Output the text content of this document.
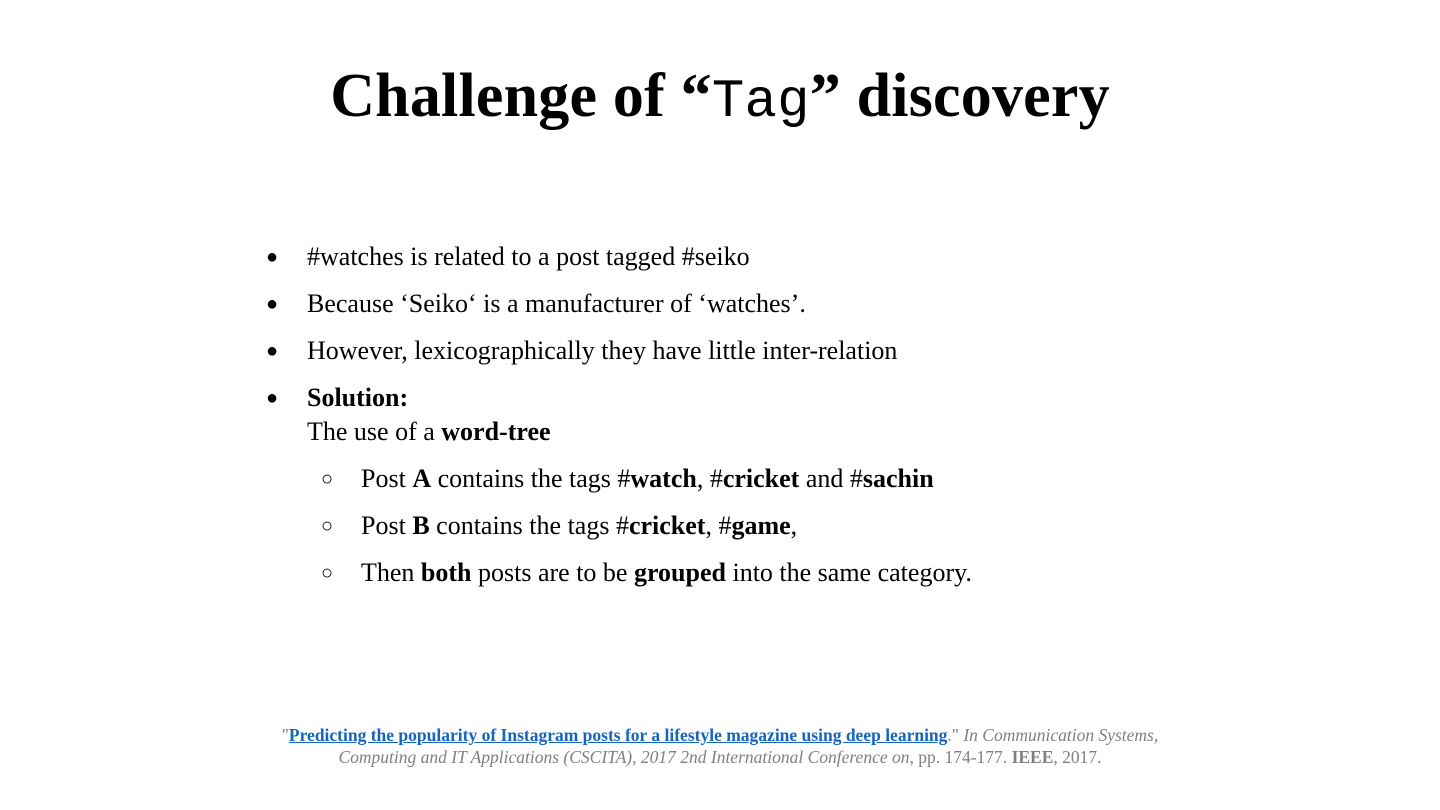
Challenge of “Tag” discovery
● #watches is related to a post tagged #seiko
● Because ‘Seiko‘ is a manufacturer of ‘watches’.
● However, lexicographically they have little inter-relation
● Solution:
The use of a word-tree
○ Post A contains the tags #watch, #cricket and #sachin
○ Post B contains the tags #cricket, #game,
○ Then both posts are to be grouped into the same category.
"Predicting the popularity of Instagram posts for a lifestyle magazine using deep learning." In Communication Systems,
Computing and IT Applications (CSCITA), 2017 2nd International Conference on, pp. 174-177. IEEE, 2017.
